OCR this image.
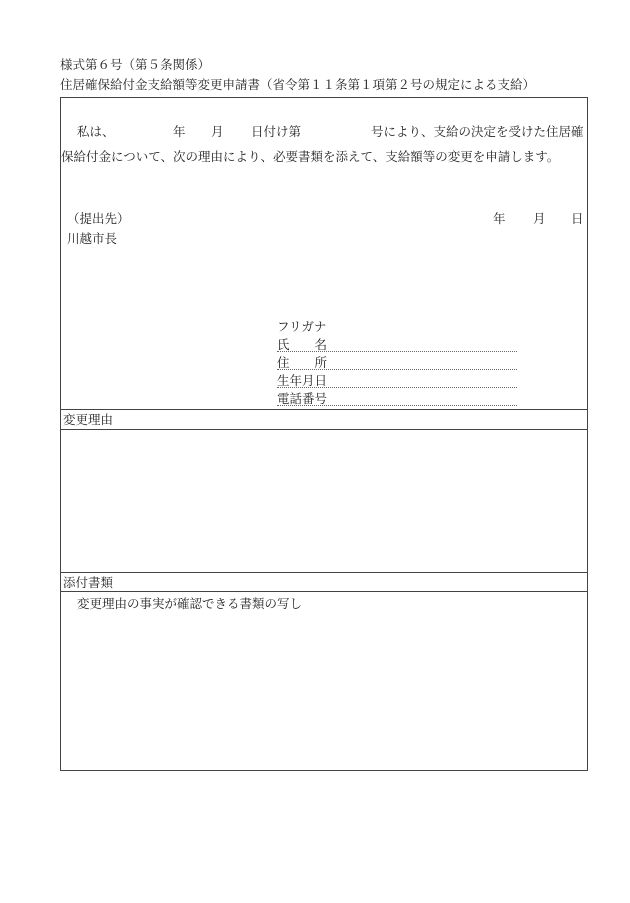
様式第６号（第５条関係）
住居確保給付金支給額等変更申請書（省令第１１条第１項第２号の規定による支給）
私は、	年 月 日付け第	号により、支給の決定を受けた住居確
保給付金について、次の理由により、必要書類を添えて、支給額等の変更を申請します。
（提出先）
川越市長
年 月 日
フリガナ
氏　　名
住　　所
生年月日
電話番号
変更理由
添付書類
変更理由の事実が確認できる書類の写し
